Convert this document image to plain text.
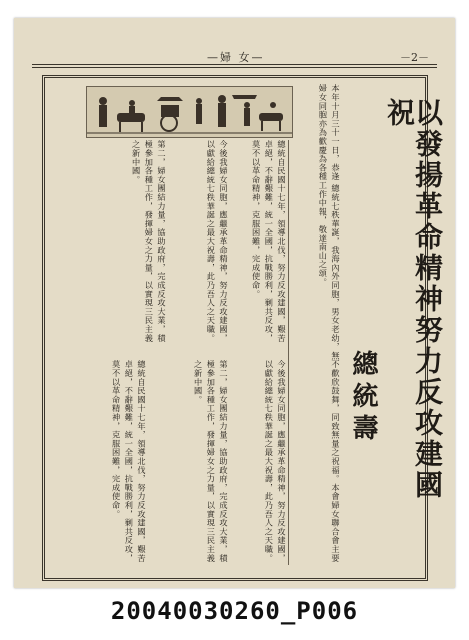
—婦 女—	－2－
以發揚革命精神努力反攻建國祝
總統壽
本年十月三十一日，恭逢 總統七秩華誕，我海內外同胞，男女老幼，無不歡欣鼓舞，同致無量之祝福。本會婦女聯合會主要婦女同胞亦為歡慶為各種工作中報，敬達南山之頌。
總統自民國十七年，領導北伐，努力反攻建國，艱苦卓絕，不辭艱難，統一全國，抗戰勝利，剿共反攻，莫不以革命精神，克服困難，完成使命。
今後我婦女同胞，應繼承革命精神，努力反攻建國，以獻給總統七秩華誕之最大祝壽，此乃吾人之天職。
第二，婦女團結力量，協助政府，完成反攻大業，積極參加各種工作，發揮婦女之力量，以實現三民主義之新中國。
今後我婦女同胞，應繼承革命精神，努力反攻建國，以獻給總統七秩華誕之最大祝壽，此乃吾人之天職。
第二，婦女團結力量，協助政府，完成反攻大業，積極參加各種工作，發揮婦女之力量，以實現三民主義之新中國。
總統自民國十七年，領導北伐，努力反攻建國，艱苦卓絕，不辭艱難，統一全國，抗戰勝利，剿共反攻，莫不以革命精神，克服困難，完成使命。
20040030260_P006
